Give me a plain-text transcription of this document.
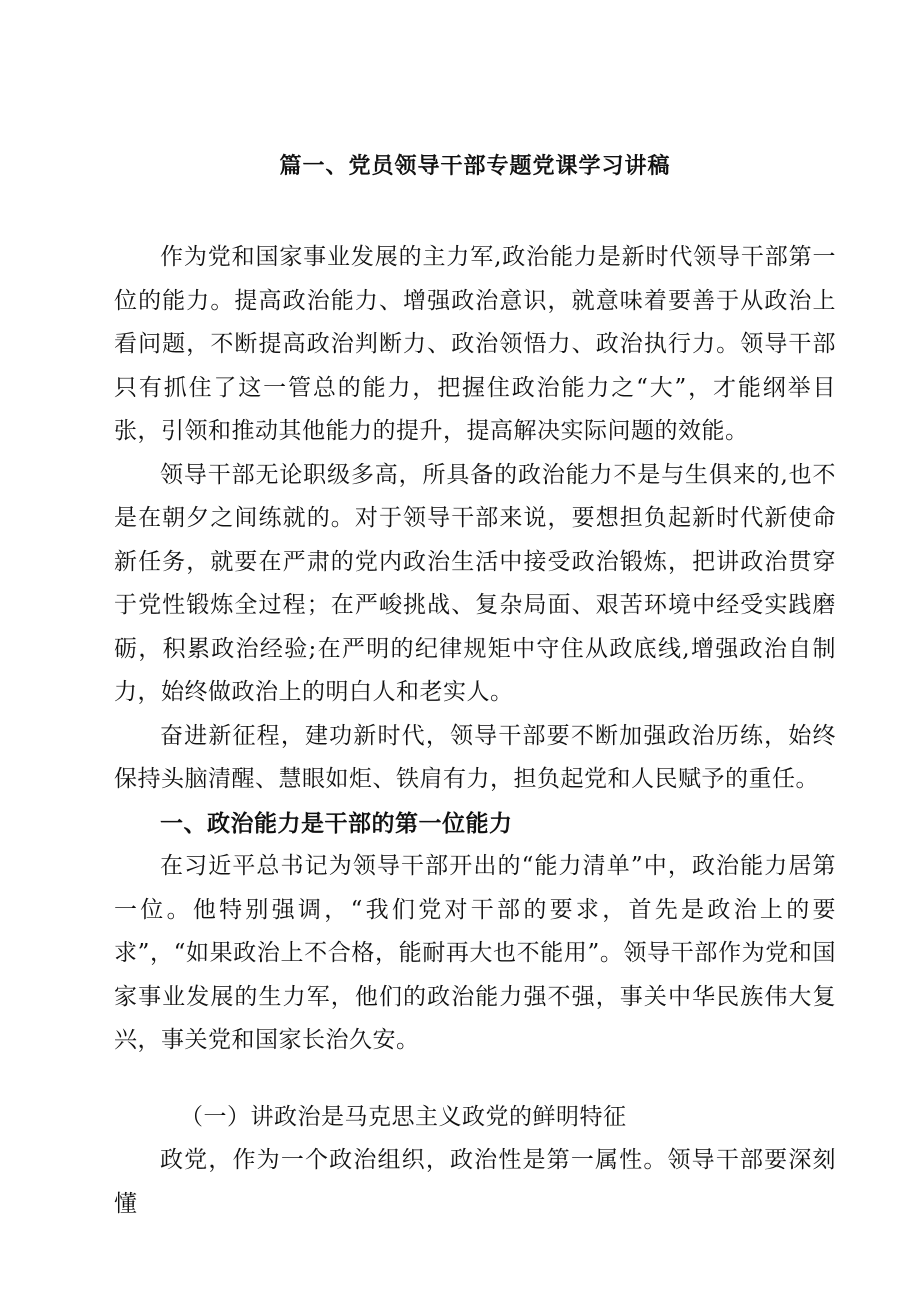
篇一、党员领导干部专题党课学习讲稿

作为党和国家事业发展的主力军,政治能力是新时代领导干部第一位的能力。提高政治能力、增强政治意识，就意味着要善于从政治上看问题，不断提高政治判断力、政治领悟力、政治执行力。领导干部只有抓住了这一管总的能力，把握住政治能力之“大”，才能纲举目张，引领和推动其他能力的提升，提高解决实际问题的效能。

领导干部无论职级多高，所具备的政治能力不是与生俱来的,也不是在朝夕之间练就的。对于领导干部来说，要想担负起新时代新使命新任务，就要在严肃的党内政治生活中接受政治锻炼，把讲政治贯穿于党性锻炼全过程；在严峻挑战、复杂局面、艰苦环境中经受实践磨砺，积累政治经验;在严明的纪律规矩中守住从政底线,增强政治自制力，始终做政治上的明白人和老实人。

奋进新征程，建功新时代，领导干部要不断加强政治历练，始终保持头脑清醒、慧眼如炬、铁肩有力，担负起党和人民赋予的重任。

一、政治能力是干部的第一位能力

在习近平总书记为领导干部开出的“能力清单”中，政治能力居第一位。他特别强调，“我们党对干部的要求，首先是政治上的要求”，“如果政治上不合格，能耐再大也不能用”。领导干部作为党和国家事业发展的生力军，他们的政治能力强不强，事关中华民族伟大复兴，事关党和国家长治久安。

（一）讲政治是马克思主义政党的鲜明特征

政党，作为一个政治组织，政治性是第一属性。领导干部要深刻懂
